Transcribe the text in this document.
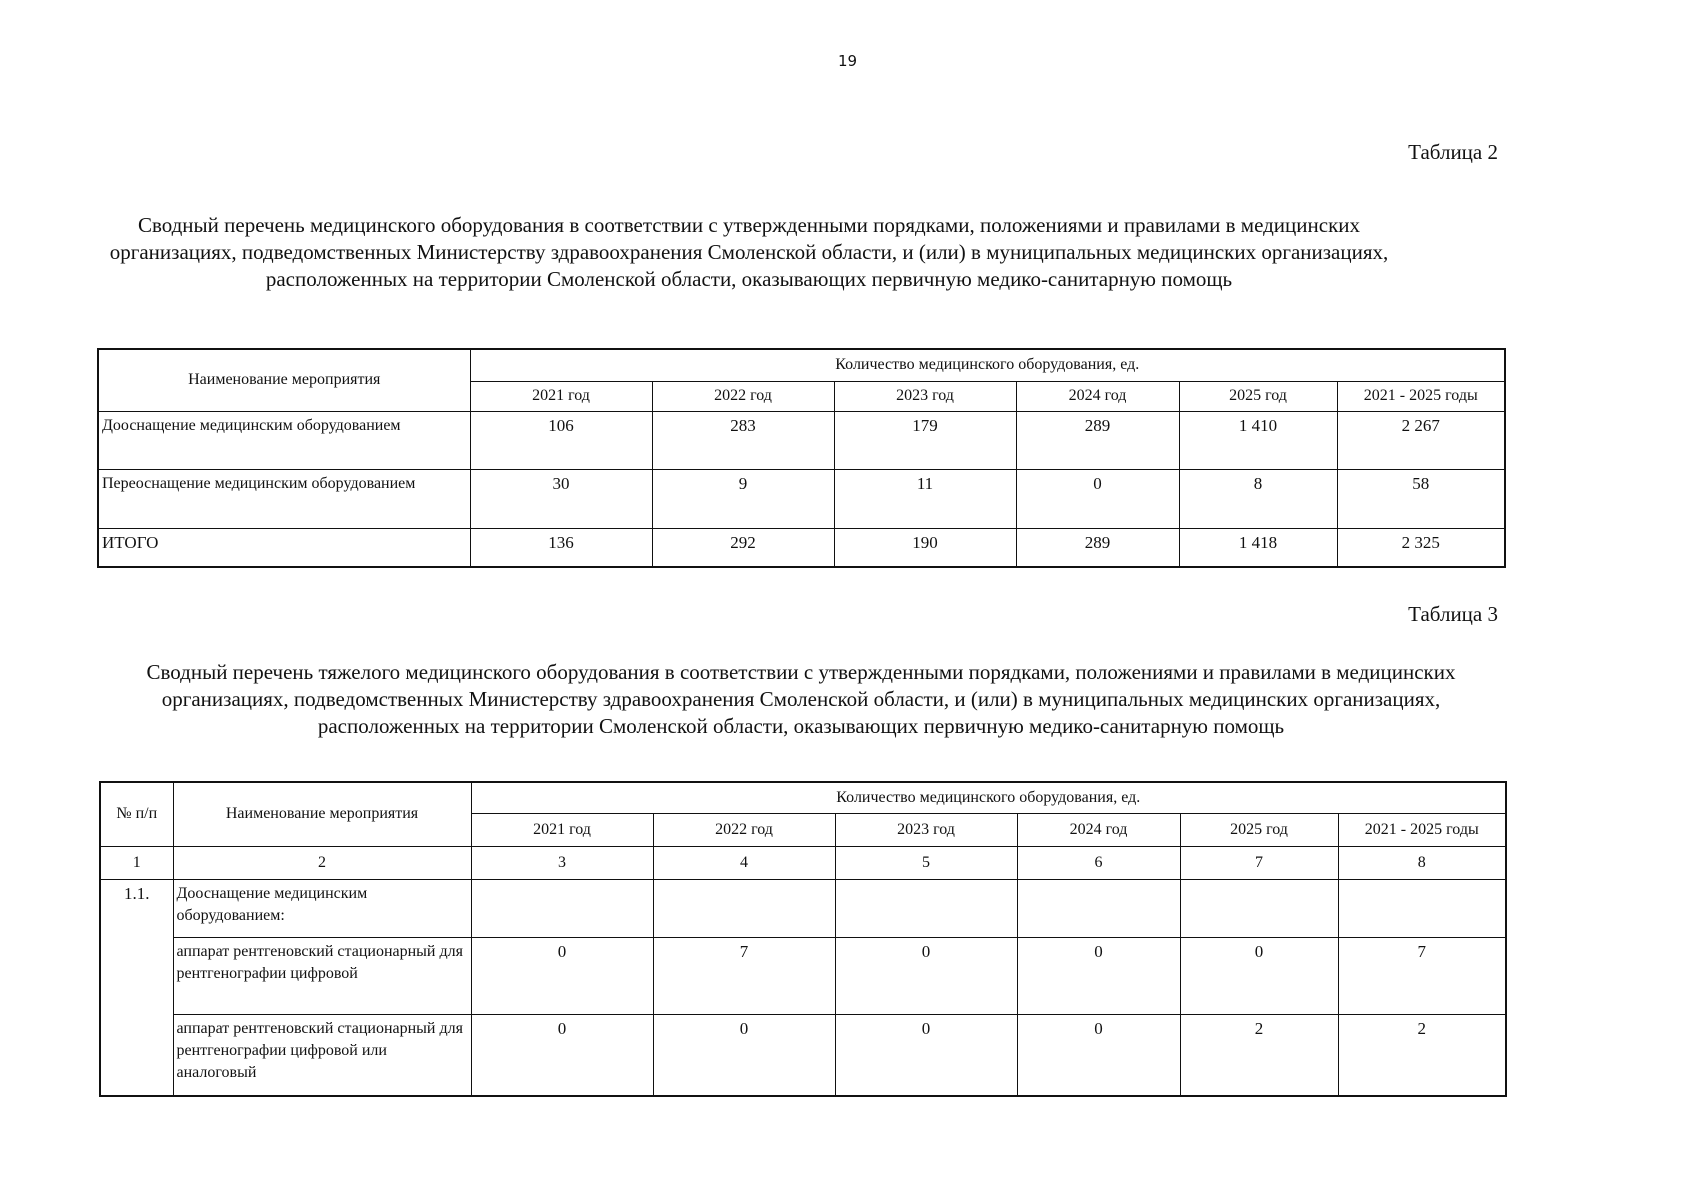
19
Таблица 2
Сводный перечень медицинского оборудования в соответствии с утвержденными порядками, положениями и правилами в медицинских
организациях, подведомственных Министерству здравоохранения Смоленской области, и (или) в муниципальных медицинских организациях,
расположенных на территории Смоленской области, оказывающих первичную медико-санитарную помощь
Наименование мероприятия	Количество медицинского оборудования, ед.					
	2021 год	2022 год	2023 год	2024 год	2025 год	2021 - 2025 годы
Дооснащение медицинским оборудованием	106	283	179	289	1 410	2 267
Переоснащение медицинским оборудованием	30	9	11	0	8	58
ИТОГО	136	292	190	289	1 418	2 325
Таблица 3
Сводный перечень тяжелого медицинского оборудования в соответствии с утвержденными порядками, положениями и правилами в медицинских
организациях, подведомственных Министерству здравоохранения Смоленской области, и (или) в муниципальных медицинских организациях,
расположенных на территории Смоленской области, оказывающих первичную медико-санитарную помощь
№ п/п	Наименование мероприятия	Количество медицинского оборудования, ед.					
		2021 год	2022 год	2023 год	2024 год	2025 год	2021 - 2025 годы
1	2	3	4	5	6	7	8
1.1.	Дооснащение медицинским оборудованием:						
	аппарат рентгеновский стационарный для рентгенографии цифровой	0	7	0	0	0	7
	аппарат рентгеновский стационарный для рентгенографии цифровой или аналоговый	0	0	0	0	2	2
